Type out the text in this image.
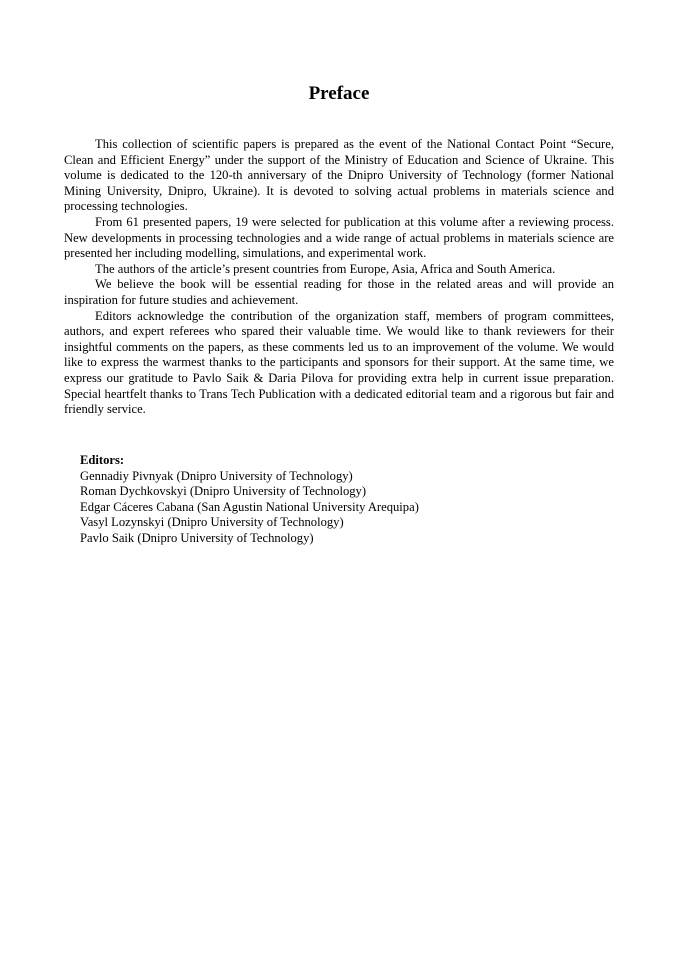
Preface

This collection of scientific papers is prepared as the event of the National Contact Point “Secure, Clean and Efficient Energy” under the support of the Ministry of Education and Science of Ukraine. This volume is dedicated to the 120-th anniversary of the Dnipro University of Technology (former National Mining University, Dnipro, Ukraine). It is devoted to solving actual problems in materials science and processing technologies.

From 61 presented papers, 19 were selected for publication at this volume after a reviewing process. New developments in processing technologies and a wide range of actual problems in materials science are presented her including modelling, simulations, and experimental work.

The authors of the article’s present countries from Europe, Asia, Africa and South America.

We believe the book will be essential reading for those in the related areas and will provide an inspiration for future studies and achievement.

Editors acknowledge the contribution of the organization staff, members of program committees, authors, and expert referees who spared their valuable time. We would like to thank reviewers for their insightful comments on the papers, as these comments led us to an improvement of the volume. We would like to express the warmest thanks to the participants and sponsors for their support. At the same time, we express our gratitude to Pavlo Saik & Daria Pilova for providing extra help in current issue preparation. Special heartfelt thanks to Trans Tech Publication with a dedicated editorial team and a rigorous but fair and friendly service.

Editors:

Gennadiy Pivnyak (Dnipro University of Technology)
Roman Dychkovskyi (Dnipro University of Technology)
Edgar Cáceres Cabana (San Agustin National University Arequipa)
Vasyl Lozynskyi (Dnipro University of Technology)
Pavlo Saik (Dnipro University of Technology)
